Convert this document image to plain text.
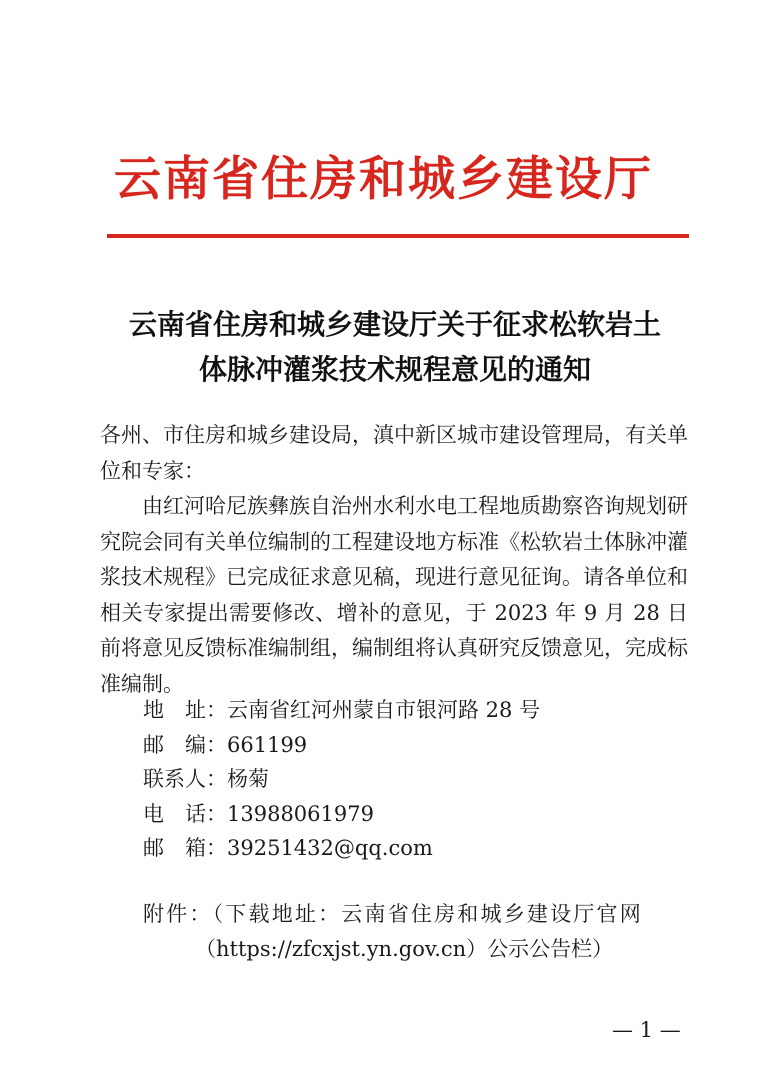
云南省住房和城乡建设厅
云南省住房和城乡建设厅关于征求松软岩土
体脉冲灌浆技术规程意见的通知

各州、市住房和城乡建设局，滇中新区城市建设管理局，有关单位和专家：

由红河哈尼族彝族自治州水利水电工程地质勘察咨询规划研究院会同有关单位编制的工程建设地方标准《松软岩土体脉冲灌浆技术规程》已完成征求意见稿，现进行意见征询。请各单位和相关专家提出需要修改、增补的意见，于 2023 年 9 月 28 日前将意见反馈标准编制组，编制组将认真研究反馈意见，完成标准编制。

地　址：云南省红河州蒙自市银河路 28 号
邮　编：661199
联系人：杨菊
电　话：13988061979
邮　箱：39251432@qq.com
附件：（下载地址：云南省住房和城乡建设厅官网
（https://zfcxjst.yn.gov.cn）公示公告栏）
— 1 —
